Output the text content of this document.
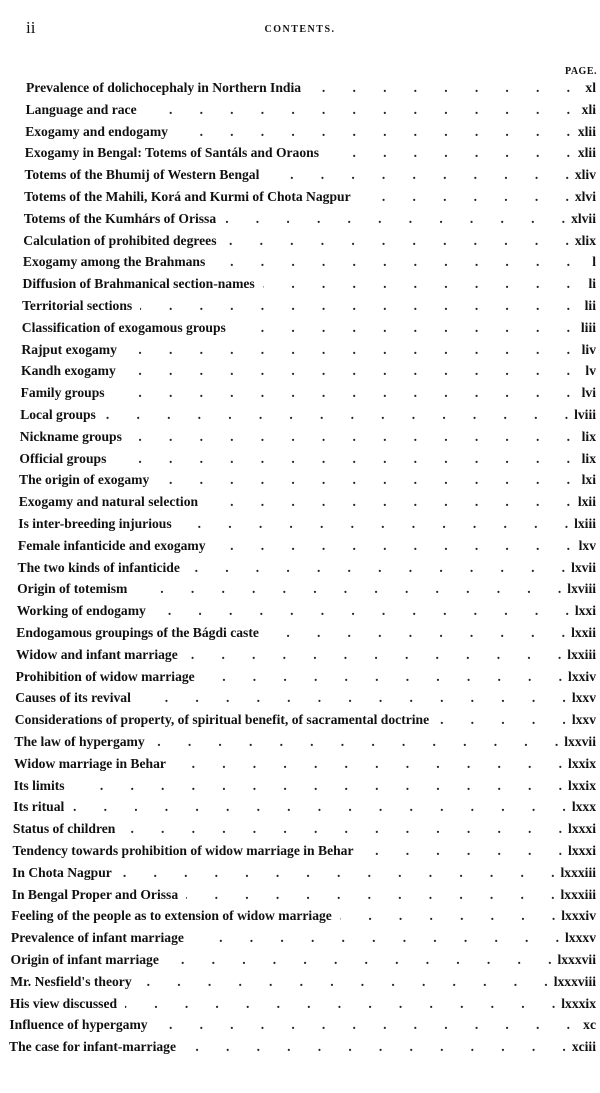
ii	CONTENTS.
PAGE.
Prevalence of dolichocephaly in Northern India .	xl
Language and race .	xli
Exogamy and endogamy .	xlii
Exogamy in Bengal: Totems of Santáls and Oraons .	xlii
Totems of the Bhumij of Western Bengal .	xliv
Totems of the Mahili, Korá and Kurmi of Chota Nagpur .	xlvi
Totems of the Kumhárs of Orissa .	xlvii
Calculation of prohibited degrees .	xlix
Exogamy among the Brahmans .	l
Diffusion of Brahmanical section-names .	li
Territorial sections .	lii
Classification of exogamous groups .	liii
Rajput exogamy .	liv
Kandh exogamy .	lv
Family groups .	lvi
Local groups .	lviii
Nickname groups .	lix
Official groups .	lix
The origin of exogamy .	lxi
Exogamy and natural selection .	lxii
Is inter-breeding injurious .	lxiii
Female infanticide and exogamy .	lxv
The two kinds of infanticide .	lxvii
Origin of totemism .	lxviii
Working of endogamy .	lxxi
Endogamous groupings of the Bágdi caste .	lxxii
Widow and infant marriage .	lxxiii
Prohibition of widow marriage .	lxxiv
Causes of its revival .	lxxv
Considerations of property, of spiritual benefit, of sacramental doctrine .	lxxv
The law of hypergamy .	lxxvii
Widow marriage in Behar .	lxxix
Its limits .	lxxix
Its ritual .	lxxx
Status of children .	lxxxi
Tendency towards prohibition of widow marriage in Behar .	lxxxi
In Chota Nagpur .	lxxxiii
In Bengal Proper and Orissa .	lxxxiii
Feeling of the people as to extension of widow marriage .	lxxxiv
Prevalence of infant marriage .	lxxxv
Origin of infant marriage .	lxxxvii
Mr. Nesfield's theory .	lxxxviii
His view discussed .	lxxxix
Influence of hypergamy .	xc
The case for infant-marriage .	xciii
